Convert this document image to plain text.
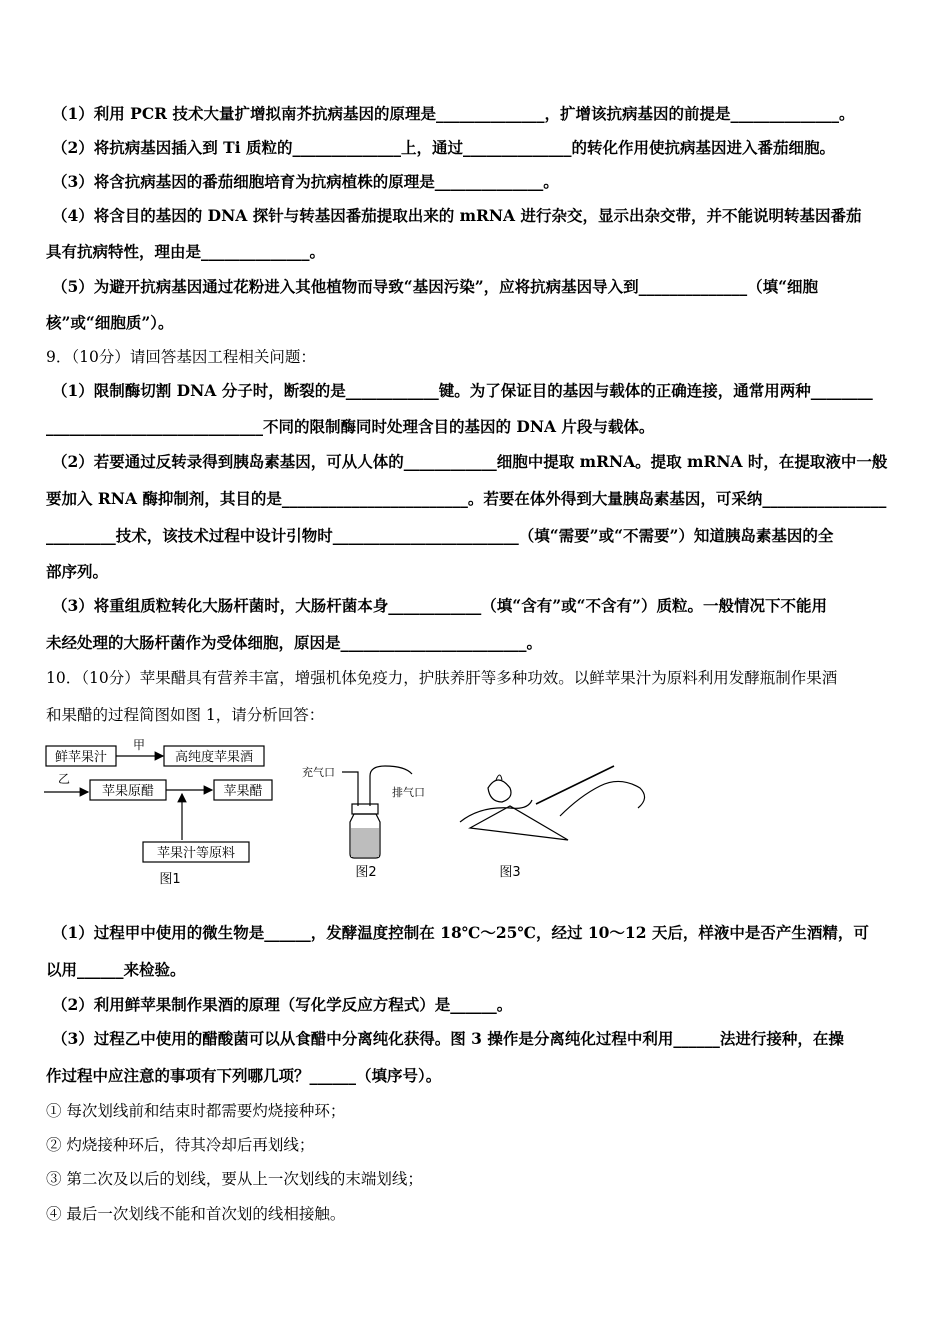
（1）利用 PCR 技术大量扩增拟南芥抗病基因的原理是______________，扩增该抗病基因的前提是______________。
（2）将抗病基因插入到 Ti 质粒的______________上，通过______________的转化作用使抗病基因进入番茄细胞。
（3）将含抗病基因的番茄细胞培育为抗病植株的原理是______________。
（4）将含目的基因的 DNA 探针与转基因番茄提取出来的 mRNA 进行杂交，显示出杂交带，并不能说明转基因番茄
具有抗病特性，理由是______________。
（5）为避开抗病基因通过花粉进入其他植物而导致“基因污染”，应将抗病基因导入到______________（填“细胞
核”或“细胞质”）。
9．（10分）请回答基因工程相关问题：
（1）限制酶切割 DNA 分子时，断裂的是____________键。为了保证目的基因与载体的正确连接，通常用两种________
____________________________不同的限制酶同时处理含目的基因的 DNA 片段与载体。
（2）若要通过反转录得到胰岛素基因，可从人体的____________细胞中提取 mRNA。提取 mRNA 时，在提取液中一般
要加入 RNA 酶抑制剂，其目的是________________________。若要在体外得到大量胰岛素基因，可采纳________________
_________技术，该技术过程中设计引物时________________________（填“需要”或“不需要”）知道胰岛素基因的全
部序列。
（3）将重组质粒转化大肠杆菌时，大肠杆菌本身____________（填“含有”或“不含有”）质粒。一般情况下不能用
未经处理的大肠杆菌作为受体细胞，原因是________________________。
10．（10分）苹果醋具有营养丰富，增强机体免疫力，护肤养肝等多种功效。以鲜苹果汁为原料利用发酵瓶制作果酒
和果醋的过程简图如图 1，请分析回答：
鲜苹果汁
甲
高纯度苹果酒
乙
苹果原醋	苹果醋
苹果汁等原料
图1
充气口
排气口
图2	图3
（1）过程甲中使用的微生物是______，发酵温度控制在 18℃～25℃，经过 10～12 天后，样液中是否产生酒精，可
以用______来检验。
（2）利用鲜苹果制作果酒的原理（写化学反应方程式）是______。
（3）过程乙中使用的醋酸菌可以从食醋中分离纯化获得。图 3 操作是分离纯化过程中利用______法进行接种，在操
作过程中应注意的事项有下列哪几项？______（填序号）。
① 每次划线前和结束时都需要灼烧接种环；
② 灼烧接种环后，待其冷却后再划线；
③ 第二次及以后的划线，要从上一次划线的末端划线；
④ 最后一次划线不能和首次划的线相接触。
